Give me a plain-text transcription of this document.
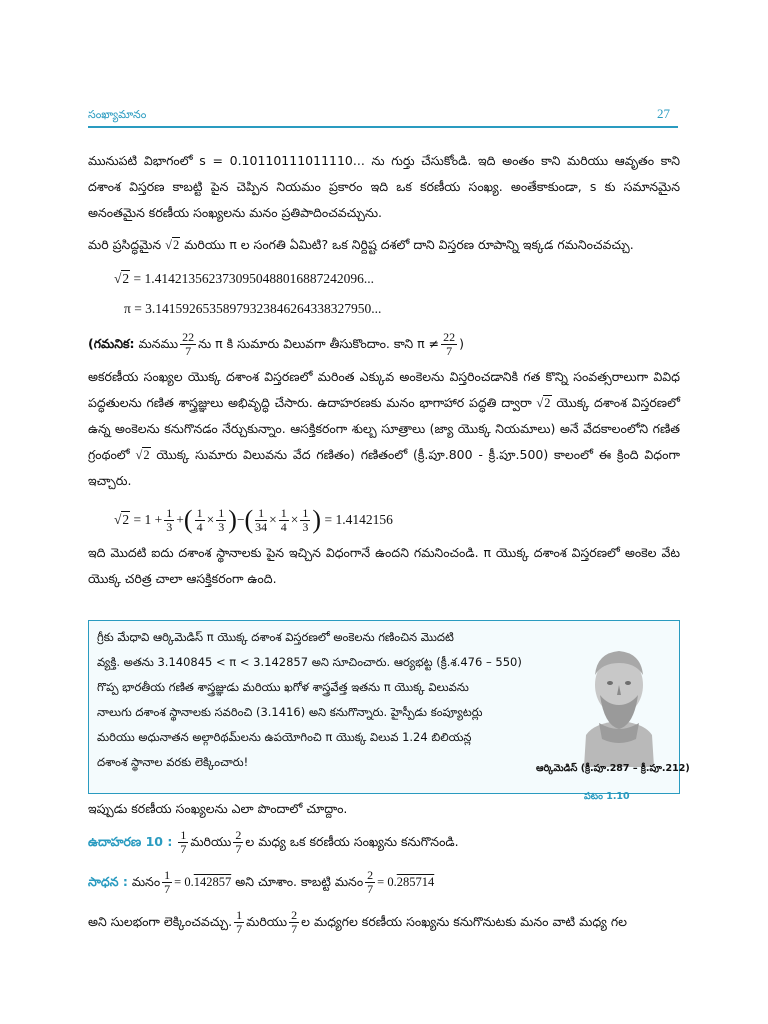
సంఖ్యామానం	27

మునుపటి విభాగంలో s = 0.10110111011110... ను గుర్తు చేసుకోండి. ఇది అంతం కాని మరియు ఆవృతం కాని దశాంశ విస్తరణ కాబట్టి పైన చెప్పిన నియమం ప్రకారం ఇది ఒక కరణీయ సంఖ్య. అంతేకాకుండా, s కు సమానమైన అనంతమైన కరణీయ సంఖ్యలను మనం ప్రతిపాదించవచ్చును.

మరి ప్రసిద్ధమైన √2 మరియు π ల సంగతి ఏమిటి? ఒక నిర్దిష్ట దశలో దాని విస్తరణ రూపాన్ని ఇక్కడ గమనించవచ్చు.

√2
= 1.41421356237309504880168872420​96...
π = 3.14159265358979323846264338327950...
(గమనిక:
మనము $\frac{22}{7}$ ను π కి సుమారు విలువగా తీసుకొందాం. కాని $\pi \ne \frac{22}{7}$ )

అకరణీయ సంఖ్యల యొక్క దశాంశ విస్తరణలో మరింత ఎక్కువ అంకెలను విస్తరించడానికి గత కొన్ని సంవత్సరాలుగా వివిధ పద్ధతులను గణిత శాస్త్రజ్ఞులు అభివృద్ధి చేసారు. ఉదాహరణకు మనం భాగాహార పద్ధతి ద్వారా √2 యొక్క దశాంశ విస్తరణలో ఉన్న అంకెలను కనుగొనడం నేర్చుకున్నాం. ఆసక్తికరంగా శుల్బ సూత్రాలు (జ్యా యొక్క నియమాలు) అనే వేదకాలంలోని గణిత గ్రంథంలో √2 యొక్క సుమారు విలువను వేద గణితం) గణితంలో (క్రీ.పూ.800 - క్రీ.పూ.500) కాలంలో ఈ క్రింది విధంగా ఇచ్చారు.

√2
= $1 + \frac{1}{3}$ + ( $\frac{1}{4} \times \frac{1}{3}$ ) − ( $\frac{1}{34} \times \frac{1}{4} \times \frac{1}{3}$ )
= 1.4142156

ఇది మొదటి ఐదు దశాంశ స్థానాలకు పైన ఇచ్చిన విధంగానే ఉందని గమనించండి. π యొక్క దశాంశ విస్తరణలో అంకెల వేట యొక్క చరిత్ర చాలా ఆసక్తికరంగా ఉంది.

గ్రీకు మేధావి ఆర్కిమెడిస్ π యొక్క దశాంశ విస్తరణలో అంకెలను గణించిన మొదటి
వ్యక్తి. అతను 3.140845 < π < 3.142857 అని సూచించారు. ఆర్యభట్ట (క్రీ.శ.476 – 550)
గొప్ప భారతీయ గణిత శాస్త్రజ్ఞుడు మరియు ఖగోళ శాస్త్రవేత్త ఇతను π యొక్క విలువను
నాలుగు దశాంశ స్థానాలకు సవరించి (3.1416) అని కనుగొన్నారు. హైస్పీడు కంప్యూటర్లు
మరియు అధునాతన అల్గారిథమ్‌లను ఉపయోగించి π యొక్క విలువ 1.24 బిలియన్ల
దశాంశ స్థానాల వరకు లెక్కించారు!	ఆర్కిమెడిస్ (క్రీ.పూ.287 – క్రీ.పూ.212)
పటం 1.10

ఇప్పుడు కరణీయ సంఖ్యలను ఎలా పొందాలో చూద్దాం.

ఉదాహరణ 10 :
$\frac{1}{7}$ మరియు $\frac{2}{7}$ ల మధ్య ఒక కరణీయ సంఖ్యను కనుగొనండి.
సాధన :
మనం $\frac{1}{7} = 0.142857$
అని చూశాం. కాబట్టి మనం $\frac{2}{7} = 0.285714$
అని సులభంగా లెక్కించవచ్చు. $\frac{1}{7}$ మరియు $\frac{2}{7}$ ల మధ్యగల కరణీయ సంఖ్యను కనుగొనుటకు మనం వాటి మధ్య గల
